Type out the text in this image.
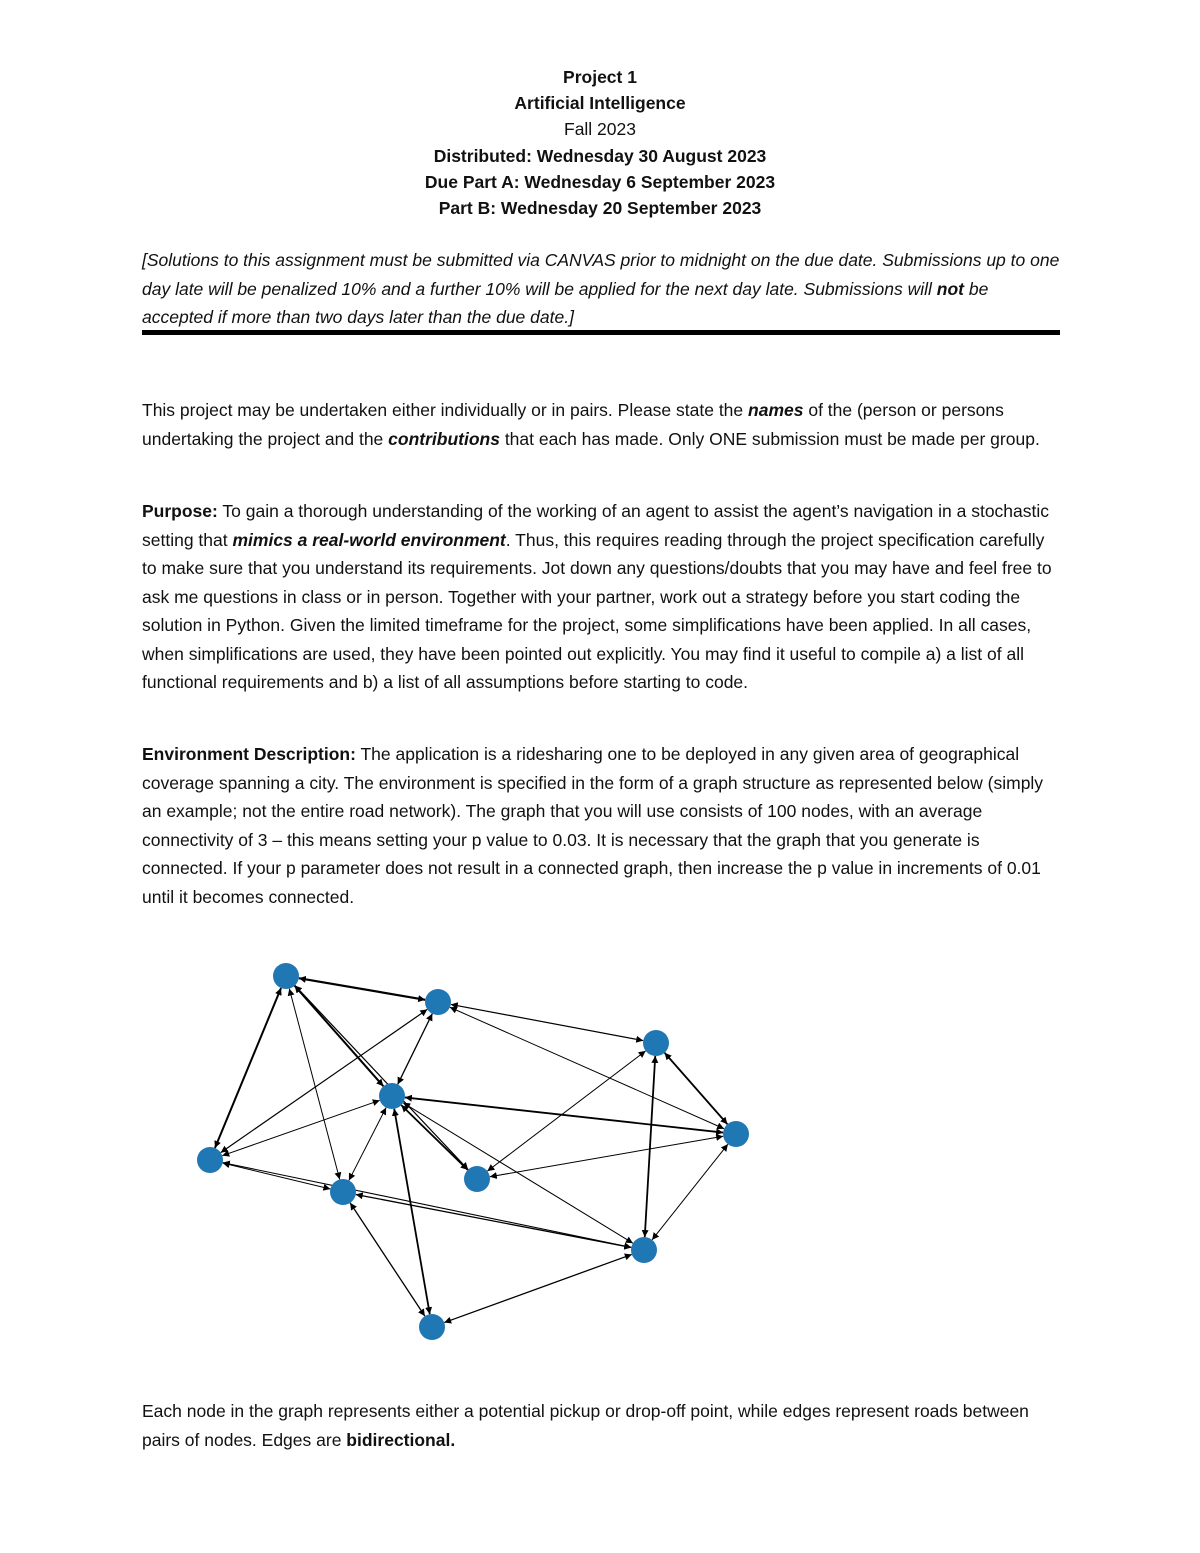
Project 1
Artificial Intelligence
Fall 2023
Distributed: Wednesday 30 August 2023
Due Part A: Wednesday 6 September 2023
Part B: Wednesday 20 September 2023
[Solutions to this assignment must be submitted via CANVAS prior to midnight on the due date. Submissions up to one day late will be penalized 10% and a further 10% will be applied for the next day late. Submissions will not be accepted if more than two days later than the due date.]

This project may be undertaken either individually or in pairs. Please state the names of the (person or persons undertaking the project and the contributions that each has made. Only ONE submission must be made per group.

Purpose: To gain a thorough understanding of the working of an agent to assist the agent’s navigation in a stochastic setting that mimics a real-world environment. Thus, this requires reading through the project specification carefully to make sure that you understand its requirements. Jot down any questions/doubts that you may have and feel free to ask me questions in class or in person. Together with your partner, work out a strategy before you start coding the solution in Python. Given the limited timeframe for the project, some simplifications have been applied. In all cases, when simplifications are used, they have been pointed out explicitly. You may find it useful to compile a) a list of all functional requirements and b) a list of all assumptions before starting to code.

Environment Description: The application is a ridesharing one to be deployed in any given area of geographical coverage spanning a city. The environment is specified in the form of a graph structure as represented below (simply an example; not the entire road network). The graph that you will use consists of 100 nodes, with an average connectivity of 3 – this means setting your p value to 0.03. It is necessary that the graph that you generate is connected. If your p parameter does not result in a connected graph, then increase the p value in increments of 0.01 until it becomes connected.

Each node in the graph represents either a potential pickup or drop-off point, while edges represent roads between pairs of nodes. Edges are bidirectional.
